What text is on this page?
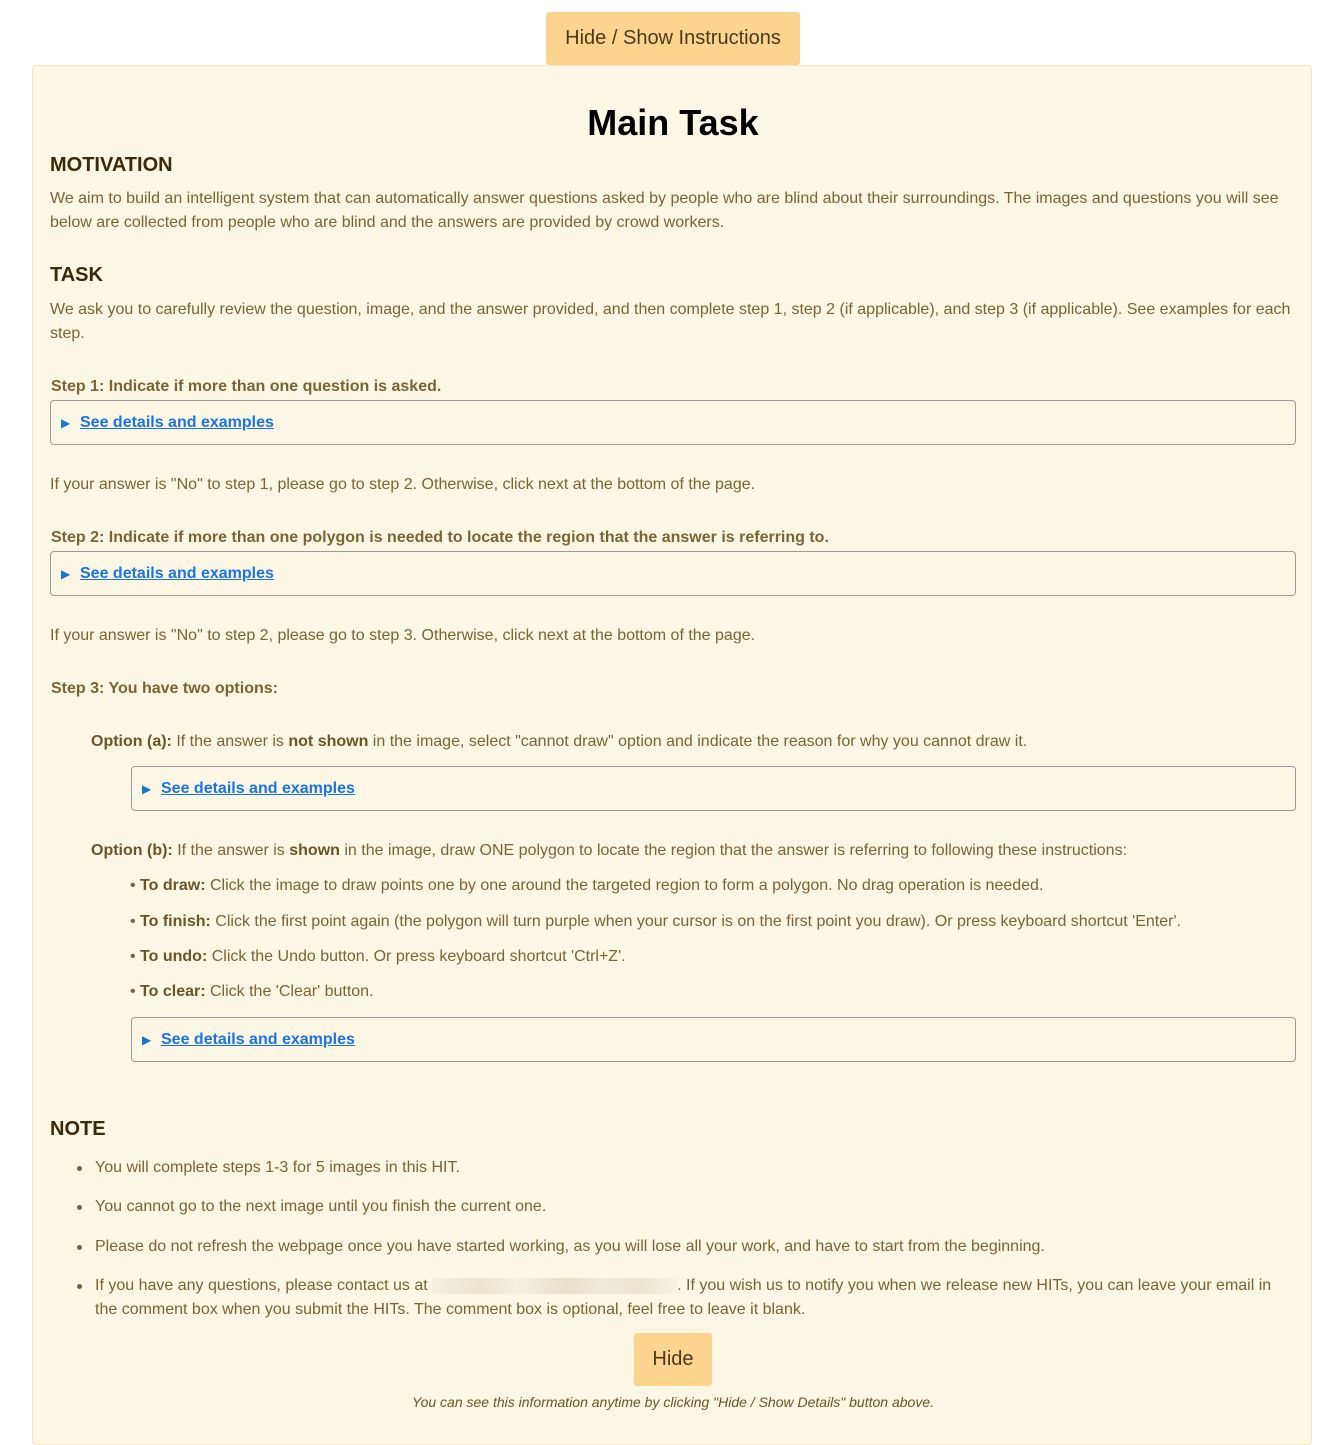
Hide / Show Instructions
Main Task
MOTIVATION

We aim to build an intelligent system that can automatically answer questions asked by people who are blind about their surroundings. The images and questions you will see below are collected from people who are blind and the answers are provided by crowd workers.

TASK

We ask you to carefully review the question, image, and the answer provided, and then complete step 1, step 2 (if applicable), and step 3 (if applicable). See examples for each step.

Step 1: Indicate if more than one question is asked.

▶ See details and examples

If your answer is "No" to step 1, please go to step 2. Otherwise, click next at the bottom of the page.

Step 2: Indicate if more than one polygon is needed to locate the region that the answer is referring to.

▶ See details and examples

If your answer is "No" to step 2, please go to step 3. Otherwise, click next at the bottom of the page.

Step 3: You have two options:

Option (a): If the answer is not shown in the image, select "cannot draw" option and indicate the reason for why you cannot draw it.

▶ See details and examples

Option (b): If the answer is shown in the image, draw ONE polygon to locate the region that the answer is referring to following these instructions:

• To draw: Click the image to draw points one by one around the targeted region to form a polygon. No drag operation is needed.

• To finish: Click the first point again (the polygon will turn purple when your cursor is on the first point you draw). Or press keyboard shortcut 'Enter'.

• To undo: Click the Undo button. Or press keyboard shortcut 'Ctrl+Z'.

• To clear: Click the 'Clear' button.

▶ See details and examples
NOTE

You will complete steps 1-3 for 5 images in this HIT.

You cannot go to the next image until you finish the current one.

Please do not refresh the webpage once you have started working, as you will lose all your work, and have to start from the beginning.

If you have any questions, please contact us at	. If you wish us to notify you when we release new HITs, you can leave your email in the comment box when you submit the HITs. The comment box is optional, feel free to leave it blank.

Hide

You can see this information anytime by clicking "Hide / Show Details" button above.
